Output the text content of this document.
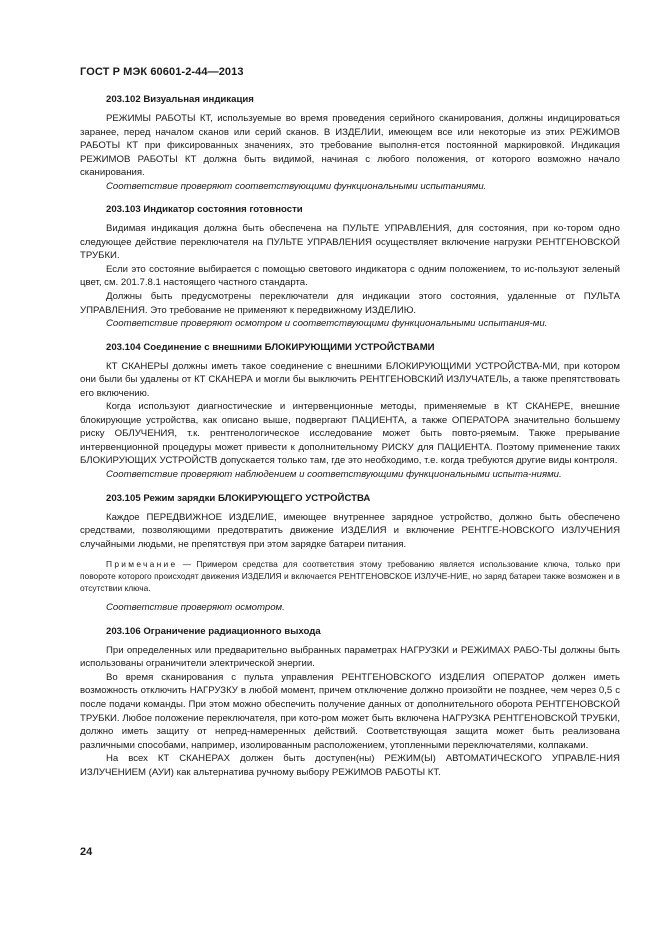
ГОСТ Р МЭК 60601-2-44—2013
203.102 Визуальная индикация

РЕЖИМЫ РАБОТЫ КТ, используемые во время проведения серийного сканирования, должны индицироваться заранее, перед началом сканов или серий сканов. В ИЗДЕЛИИ, имеющем все или некоторые из этих РЕЖИМОВ РАБОТЫ КТ при фиксированных значениях, это требование выполня-ется постоянной маркировкой. Индикация РЕЖИМОВ РАБОТЫ КТ должна быть видимой, начиная с любого положения, от которого возможно начало сканирования.

Соответствие проверяют соответствующими функциональными испытаниями.

203.103 Индикатор состояния готовности

Видимая индикация должна быть обеспечена на ПУЛЬТЕ УПРАВЛЕНИЯ, для состояния, при ко-тором одно следующее действие переключателя на ПУЛЬТЕ УПРАВЛЕНИЯ осуществляет включение нагрузки РЕНТГЕНОВСКОЙ ТРУБКИ.

Если это состояние выбирается с помощью светового индикатора с одним положением, то ис-пользуют зеленый цвет, см. 201.7.8.1 настоящего частного стандарта.

Должны быть предусмотрены переключатели для индикации этого состояния, удаленные от ПУЛЬТА УПРАВЛЕНИЯ. Это требование не применяют к передвижному ИЗДЕЛИЮ.

Соответствие проверяют осмотром и соответствующими функциональными испытания-ми.

203.104 Соединение с внешними БЛОКИРУЮЩИМИ УСТРОЙСТВАМИ

КТ СКАНЕРЫ должны иметь такое соединение с внешними БЛОКИРУЮЩИМИ УСТРОЙСТВА-МИ, при котором они были бы удалены от КТ СКАНЕРА и могли бы выключить РЕНТГЕНОВСКИЙ ИЗЛУЧАТЕЛЬ, а также препятствовать его включению.

Когда используют диагностические и интервенционные методы, применяемые в КТ СКАНЕРЕ, внешние блокирующие устройства, как описано выше, подвергают ПАЦИЕНТА, а также ОПЕРАТОРА значительно большему риску ОБЛУЧЕНИЯ, т.к. рентгенологическое исследование может быть повто-ряемым. Также прерывание интервенционной процедуры может привести к дополнительному РИСКУ для ПАЦИЕНТА. Поэтому применение таких БЛОКИРУЮЩИХ УСТРОЙСТВ допускается только там, где это необходимо, т.е. когда требуются другие виды контроля.

Соответствие проверяют наблюдением и соответствующими функциональными испыта-ниями.

203.105 Режим зарядки БЛОКИРУЮЩЕГО УСТРОЙСТВА

Каждое ПЕРЕДВИЖНОЕ ИЗДЕЛИЕ, имеющее внутреннее зарядное устройство, должно быть обеспечено средствами, позволяющими предотвратить движение ИЗДЕЛИЯ и включение РЕНТГЕ-НОВСКОГО ИЗЛУЧЕНИЯ случайными людьми, не препятствуя при этом зарядке батареи питания.

Примечание — Примером средства для соответствия этому требованию является использование ключа, только при повороте которого происходят движения ИЗДЕЛИЯ и включается РЕНТГЕНОВСКОЕ ИЗЛУЧЕ-НИЕ, но заряд батареи также возможен и в отсутствии ключа.

Соответствие проверяют осмотром.

203.106 Ограничение радиационного выхода

При определенных или предварительно выбранных параметрах НАГРУЗКИ и РЕЖИМАХ РАБО-ТЫ должны быть использованы ограничители электрической энергии.

Во время сканирования с пульта управления РЕНТГЕНОВСКОГО ИЗДЕЛИЯ ОПЕРАТОР должен иметь возможность отключить НАГРУЗКУ в любой момент, причем отключение должно произойти не позднее, чем через 0,5 с после подачи команды. При этом можно обеспечить получение данных от дополнительного оборота РЕНТГЕНОВСКОЙ ТРУБКИ. Любое положение переключателя, при кото-ром может быть включена НАГРУЗКА РЕНТГЕНОВСКОЙ ТРУБКИ, должно иметь защиту от непред-намеренных действий. Соответствующая защита может быть реализована различными способами, например, изолированным расположением, утопленными переключателями, колпаками.

На всех КТ СКАНЕРАХ должен быть доступен(ны) РЕЖИМ(Ы) АВТОМАТИЧЕСКОГО УПРАВЛЕ-НИЯ ИЗЛУЧЕНИЕМ (АУИ) как альтернатива ручному выбору РЕЖИМОВ РАБОТЫ КТ.

24
